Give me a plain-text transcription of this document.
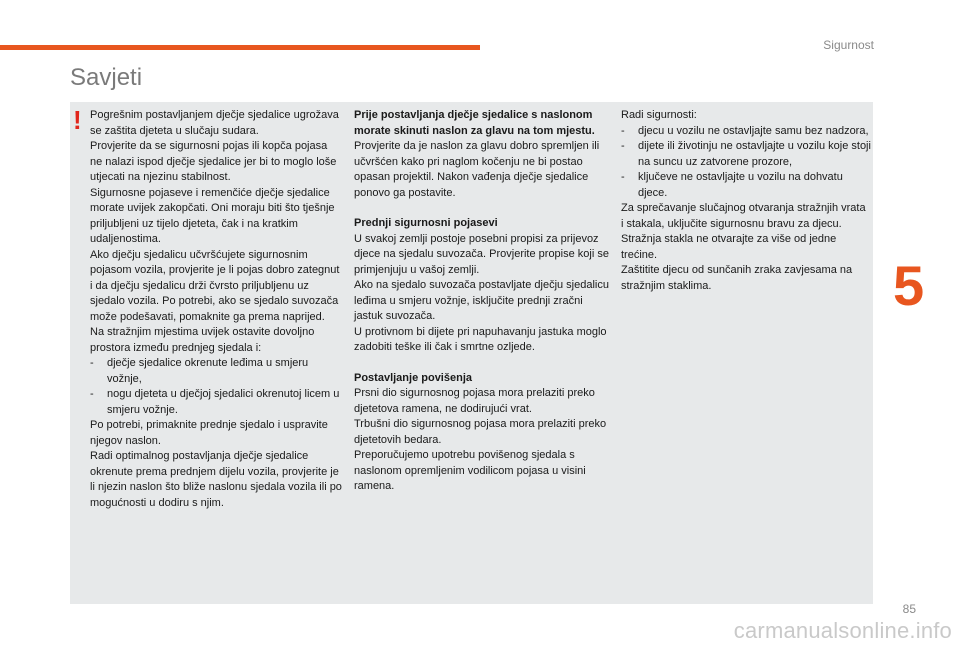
Sigurnost
Savjeti
! Pogrešnim postavljanjem dječje sjedalice ugrožava se zaštita djeteta u slučaju sudara.

Provjerite da se sigurnosni pojas ili kopča pojasa ne nalazi ispod dječje sjedalice jer bi to moglo loše utjecati na njezinu stabilnost.

Sigurnosne pojaseve i remenčiće dječje sjedalice morate uvijek zakopčati. Oni moraju biti što tješnje priljubljeni uz tijelo djeteta, čak i na kratkim udaljenostima.

Ako dječju sjedalicu učvršćujete sigurnosnim pojasom vozila, provjerite je li pojas dobro zategnut i da dječju sjedalicu drži čvrsto priljubljenu uz sjedalo vozila. Po potrebi, ako se sjedalo suvozača može podešavati, pomaknite ga prema naprijed.

Na stražnjim mjestima uvijek ostavite dovoljno prostora između prednjeg sjedala i:

-	dječje sjedalice okrenute leđima u smjeru vožnje,
-	nogu djeteta u dječjoj sjedalici okrenutoj licem u smjeru vožnje.

Po potrebi, primaknite prednje sjedalo i uspravite njegov naslon.

Radi optimalnog postavljanja dječje sjedalice okrenute prema prednjem dijelu vozila, provjerite je li njezin naslon što bliže naslonu sjedala vozila ili po mogućnosti u dodiru s njim.

Prije postavljanja dječje sjedalice s naslonom morate skinuti naslon za glavu na tom mjestu.

Provjerite da je naslon za glavu dobro spremljen ili učvršćen kako pri naglom kočenju ne bi postao opasan projektil. Nakon vađenja dječje sjedalice ponovo ga postavite.

Prednji sigurnosni pojasevi

U svakoj zemlji postoje posebni propisi za prijevoz djece na sjedalu suvozača. Provjerite propise koji se primjenjuju u vašoj zemlji.

Ako na sjedalo suvozača postavljate dječju sjedalicu leđima u smjeru vožnje, isključite prednji zračni jastuk suvozača.

U protivnom bi dijete pri napuhavanju jastuka moglo zadobiti teške ili čak i smrtne ozljede.

Postavljanje povišenja

Prsni dio sigurnosnog pojasa mora prelaziti preko djetetova ramena, ne dodirujući vrat.

Trbušni dio sigurnosnog pojasa mora prelaziti preko djetetovih bedara.

Preporučujemo upotrebu povišenog sjedala s naslonom opremljenim vodilicom pojasa u visini ramena.

Radi sigurnosti:

-	djecu u vozilu ne ostavljajte samu bez nadzora,
-	dijete ili životinju ne ostavljajte u vozilu koje stoji na suncu uz zatvorene prozore,
-	ključeve ne ostavljajte u vozilu na dohvatu djece.

Za sprečavanje slučajnog otvaranja stražnjih vrata i stakala, uključite sigurnosnu bravu za djecu.

Stražnja stakla ne otvarajte za više od jedne trećine.

Zaštitite djecu od sunčanih zraka zavjesama na stražnjim staklima.	5
85
carmanualsonline.info
